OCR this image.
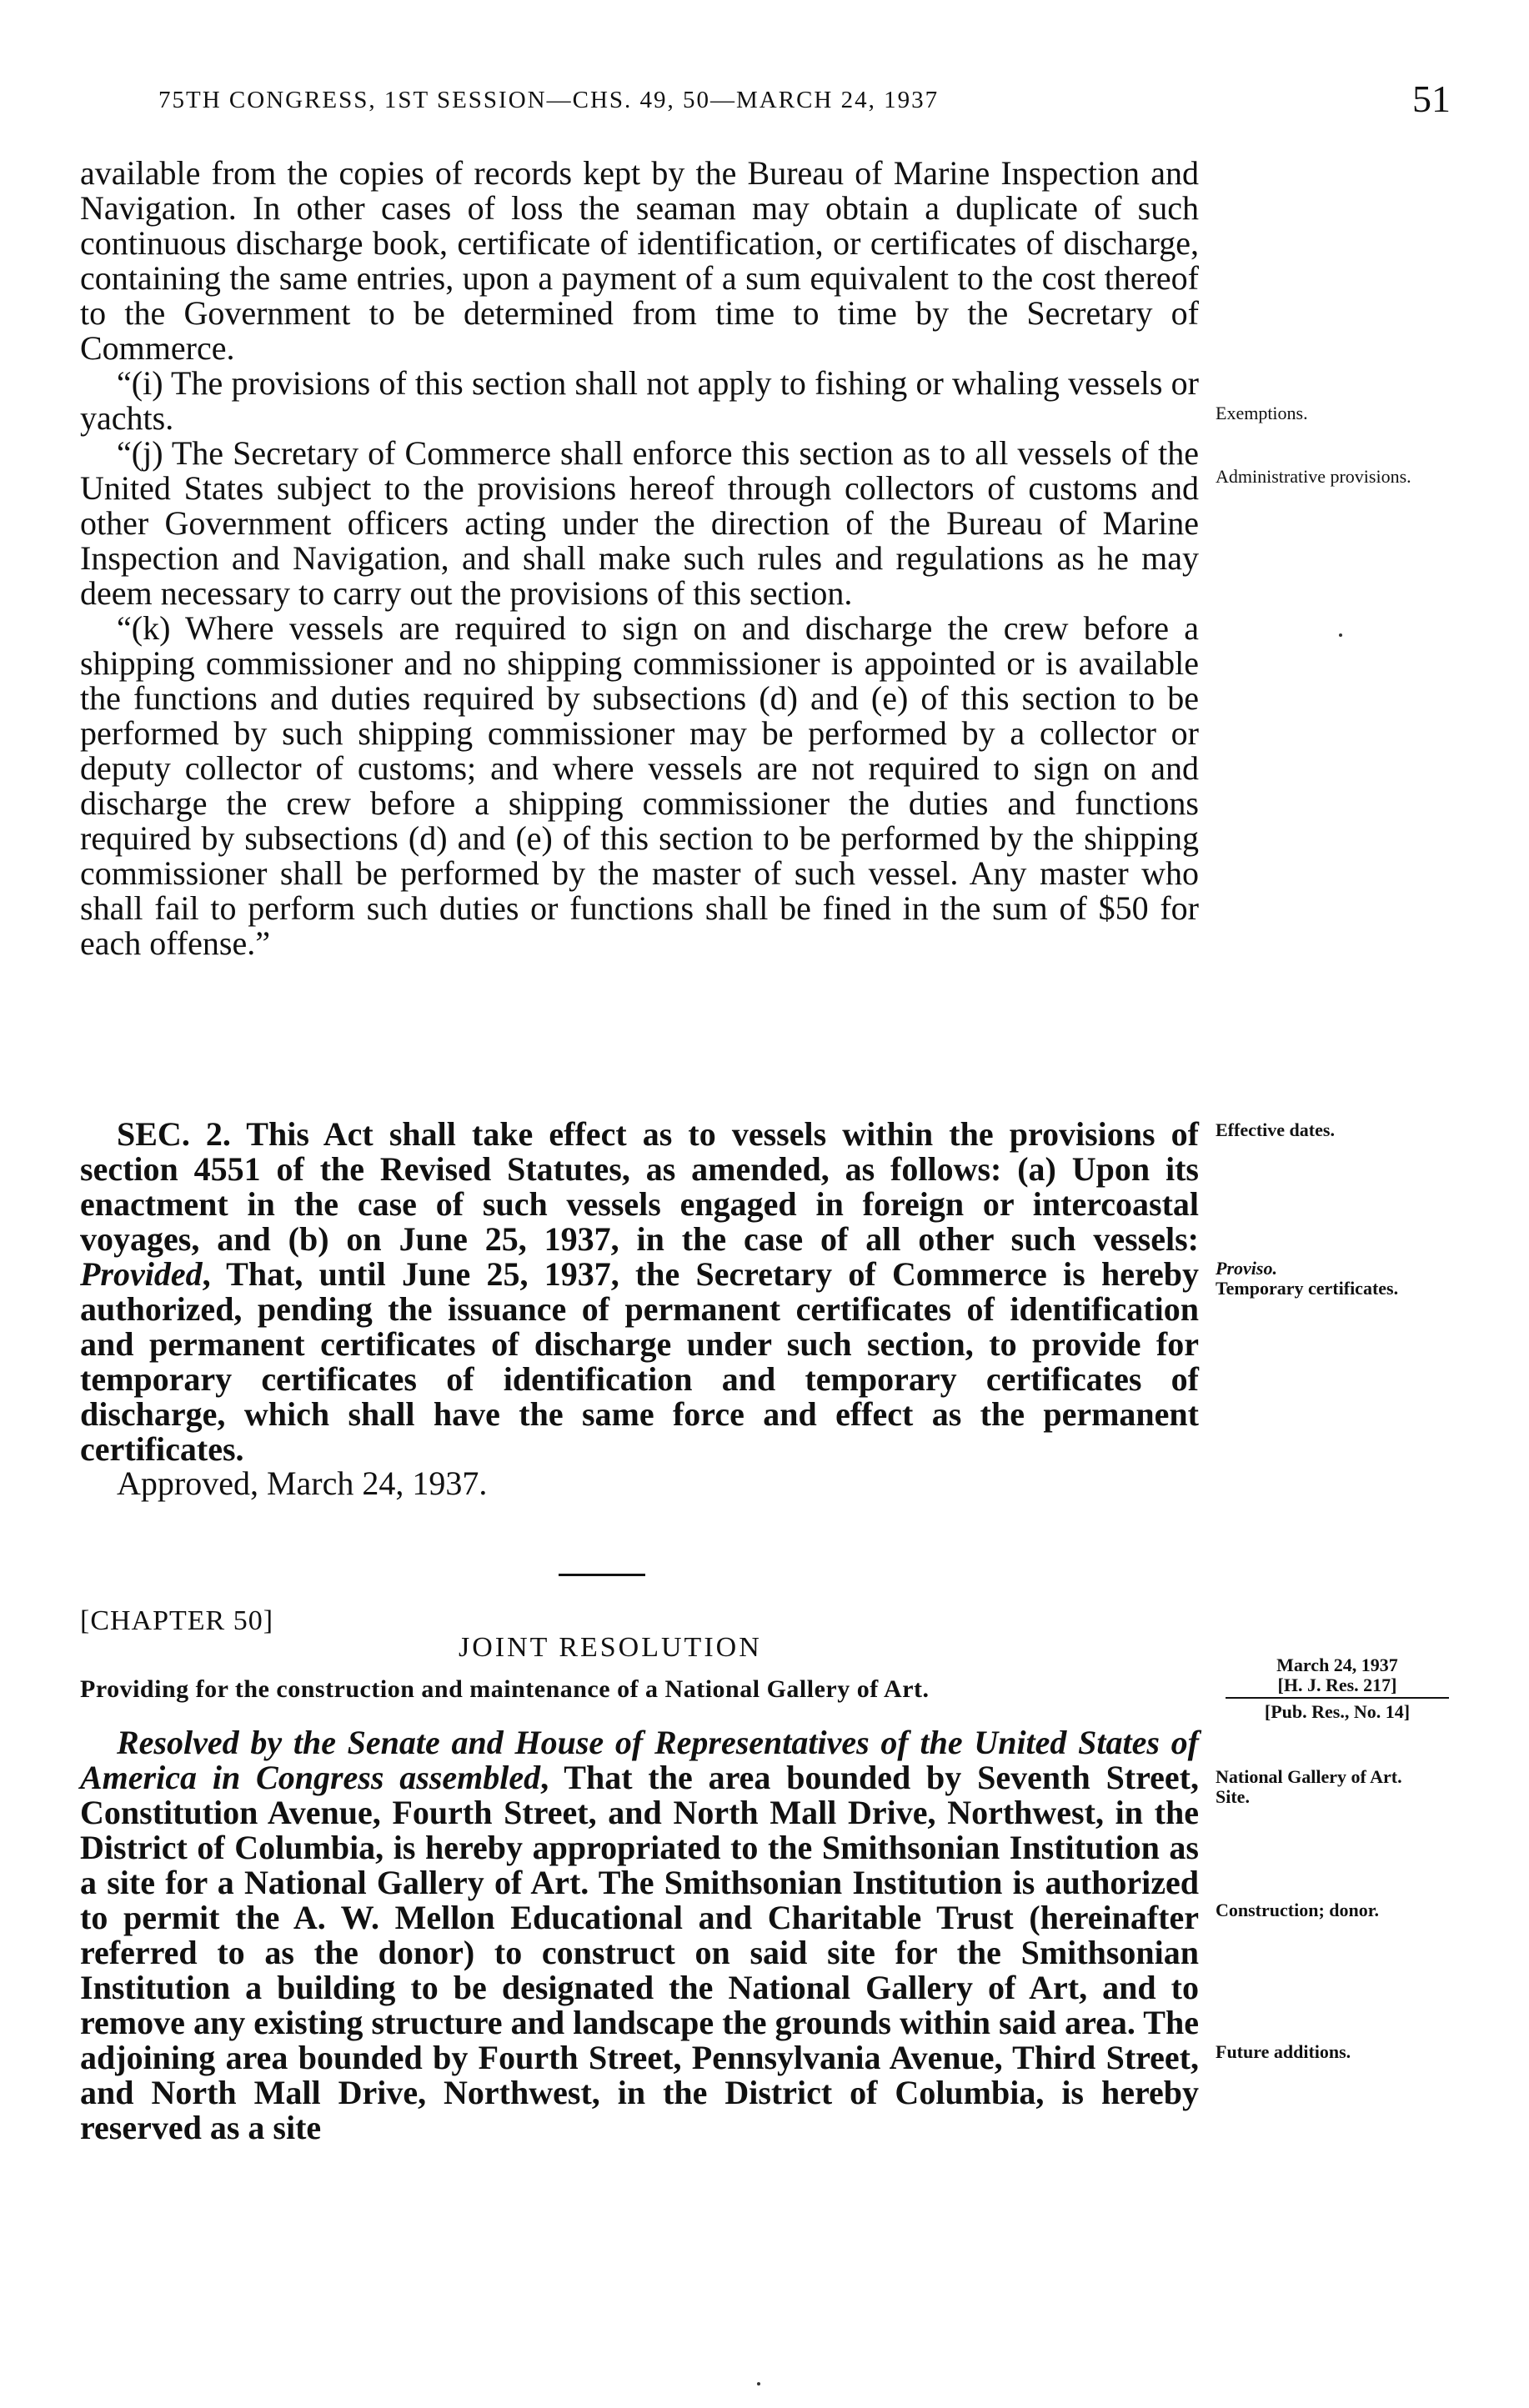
75TH CONGRESS, 1ST SESSION—CHS. 49, 50—MARCH 24, 1937	51

available from the copies of records kept by the Bureau of Marine Inspection and Navigation. In other cases of loss the seaman may obtain a duplicate of such continuous discharge book, certificate of identification, or certificates of discharge, containing the same entries, upon a payment of a sum equivalent to the cost thereof to the Government to be determined from time to time by the Secretary of Commerce.

“(i) The provisions of this section shall not apply to fishing or whaling vessels or yachts.

“(j) The Secretary of Commerce shall enforce this section as to all vessels of the United States subject to the provisions hereof through collectors of customs and other Government officers acting under the direction of the Bureau of Marine Inspection and Navigation, and shall make such rules and regulations as he may deem necessary to carry out the provisions of this section.

“(k) Where vessels are required to sign on and discharge the crew before a shipping commissioner and no shipping commissioner is appointed or is available the functions and duties required by subsections (d) and (e) of this section to be performed by such shipping commissioner may be performed by a collector or deputy collector of customs; and where vessels are not required to sign on and discharge the crew before a shipping commissioner the duties and functions required by subsections (d) and (e) of this section to be performed by the shipping commissioner shall be performed by the master of such vessel. Any master who shall fail to perform such duties or functions shall be fined in the sum of $50 for each offense.”

SEC. 2. This Act shall take effect as to vessels within the provisions of section 4551 of the Revised Statutes, as amended, as follows: (a) Upon its enactment in the case of such vessels engaged in foreign or intercoastal voyages, and (b) on June 25, 1937, in the case of all other such vessels: Provided, That, until June 25, 1937, the Secretary of Commerce is hereby authorized, pending the issuance of permanent certificates of identification and permanent certificates of discharge under such section, to provide for temporary certificates of identification and temporary certificates of discharge, which shall have the same force and effect as the permanent certificates.

Approved, March 24, 1937.
[CHAPTER 50]
JOINT RESOLUTION
Providing for the construction and maintenance of a National Gallery of Art.
March 24, 1937
[H. J. Res. 217]
[Pub. Res., No. 14]

Resolved by the Senate and House of Representatives of the United States of America in Congress assembled, That the area bounded by Seventh Street, Constitution Avenue, Fourth Street, and North Mall Drive, Northwest, in the District of Columbia, is hereby appropriated to the Smithsonian Institution as a site for a National Gallery of Art. The Smithsonian Institution is authorized to permit the A. W. Mellon Educational and Charitable Trust (hereinafter referred to as the donor) to construct on said site for the Smithsonian Institution a building to be designated the National Gallery of Art, and to remove any existing structure and landscape the grounds within said area. The adjoining area bounded by Fourth Street, Pennsylvania Avenue, Third Street, and North Mall Drive, Northwest, in the District of Columbia, is hereby reserved as a site

Exemptions.
Administrative provisions.
Effective dates.
Proviso.
Temporary certificates.
National Gallery of Art.
Site.
Construction; donor.
Future additions.
